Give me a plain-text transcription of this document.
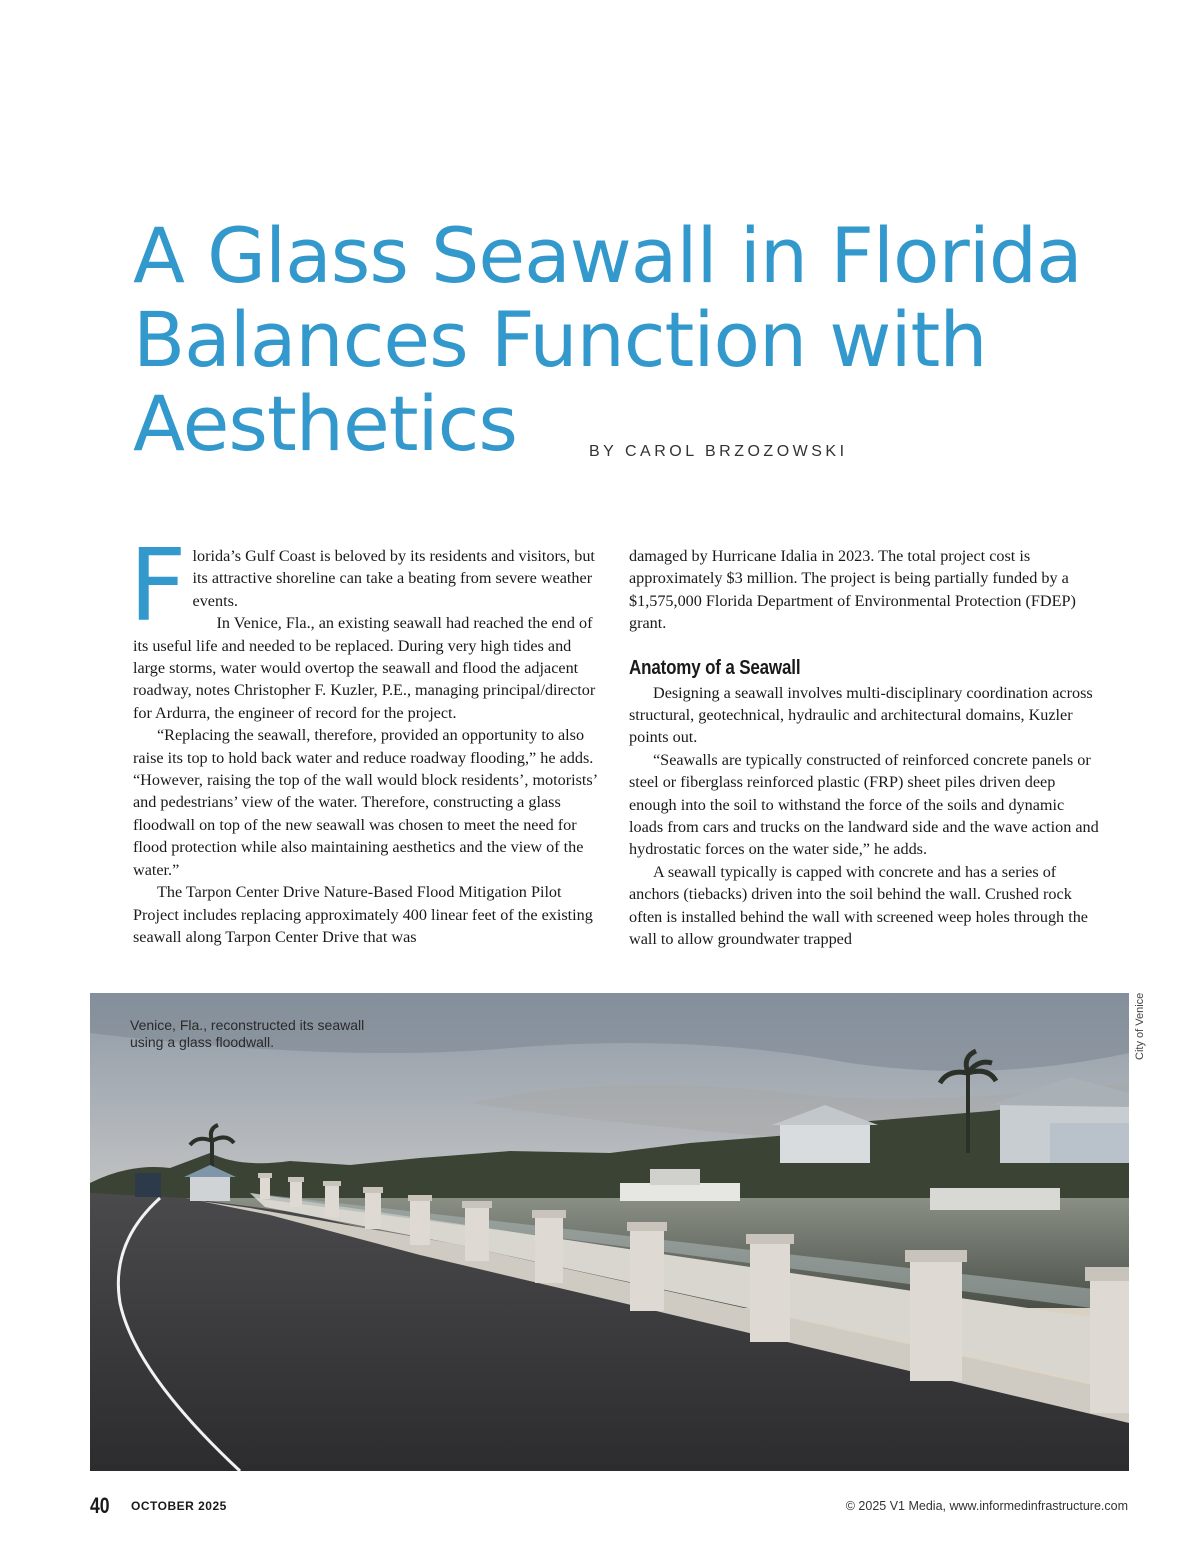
A Glass Seawall in Florida Balances Function with Aesthetics	BY CAROL BRZOZOWSKI
F lorida’s Gulf Coast is beloved by its residents and visitors, but its attractive shoreline can take a beating from severe weather events.

In Venice, Fla., an existing seawall had reached the end of its useful life and needed to be replaced. During very high tides and large storms, water would overtop the seawall and flood the adjacent roadway, notes Christopher F. Kuzler, P.E., managing principal/director for Ardurra, the engineer of record for the project.

“Replacing the seawall, therefore, provided an opportunity to also raise its top to hold back water and reduce roadway flooding,” he adds. “However, raising the top of the wall would block residents’, motorists’ and pedestrians’ view of the water. Therefore, constructing a glass floodwall on top of the new seawall was chosen to meet the need for flood protection while also maintaining aesthetics and the view of the water.”

The Tarpon Center Drive Nature-Based Flood Mitigation Pilot Project includes replacing approximately 400 linear feet of the existing seawall along Tarpon Center Drive that was

damaged by Hurricane Idalia in 2023. The total project cost is approximately $3 million. The project is being partially funded by a $1,575,000 Florida Department of Environmental Protection (FDEP) grant.

Anatomy of a Seawall

Designing a seawall involves multi-disciplinary coordination across structural, geotechnical, hydraulic and architectural domains, Kuzler points out.

“Seawalls are typically constructed of reinforced concrete panels or steel or fiberglass reinforced plastic (FRP) sheet piles driven deep enough into the soil to withstand the force of the soils and dynamic loads from cars and trucks on the landward side and the wave action and hydrostatic forces on the water side,” he adds.

A seawall typically is capped with concrete and has a series of anchors (tiebacks) driven into the soil behind the wall. Crushed rock often is installed behind the wall with screened weep holes through the wall to allow groundwater trapped

Venice, Fla., reconstructed its seawall using a glass floodwall.	City of Venice
40 OCTOBER 2025	© 2025 V1 Media, www.informedinfrastructure.com
